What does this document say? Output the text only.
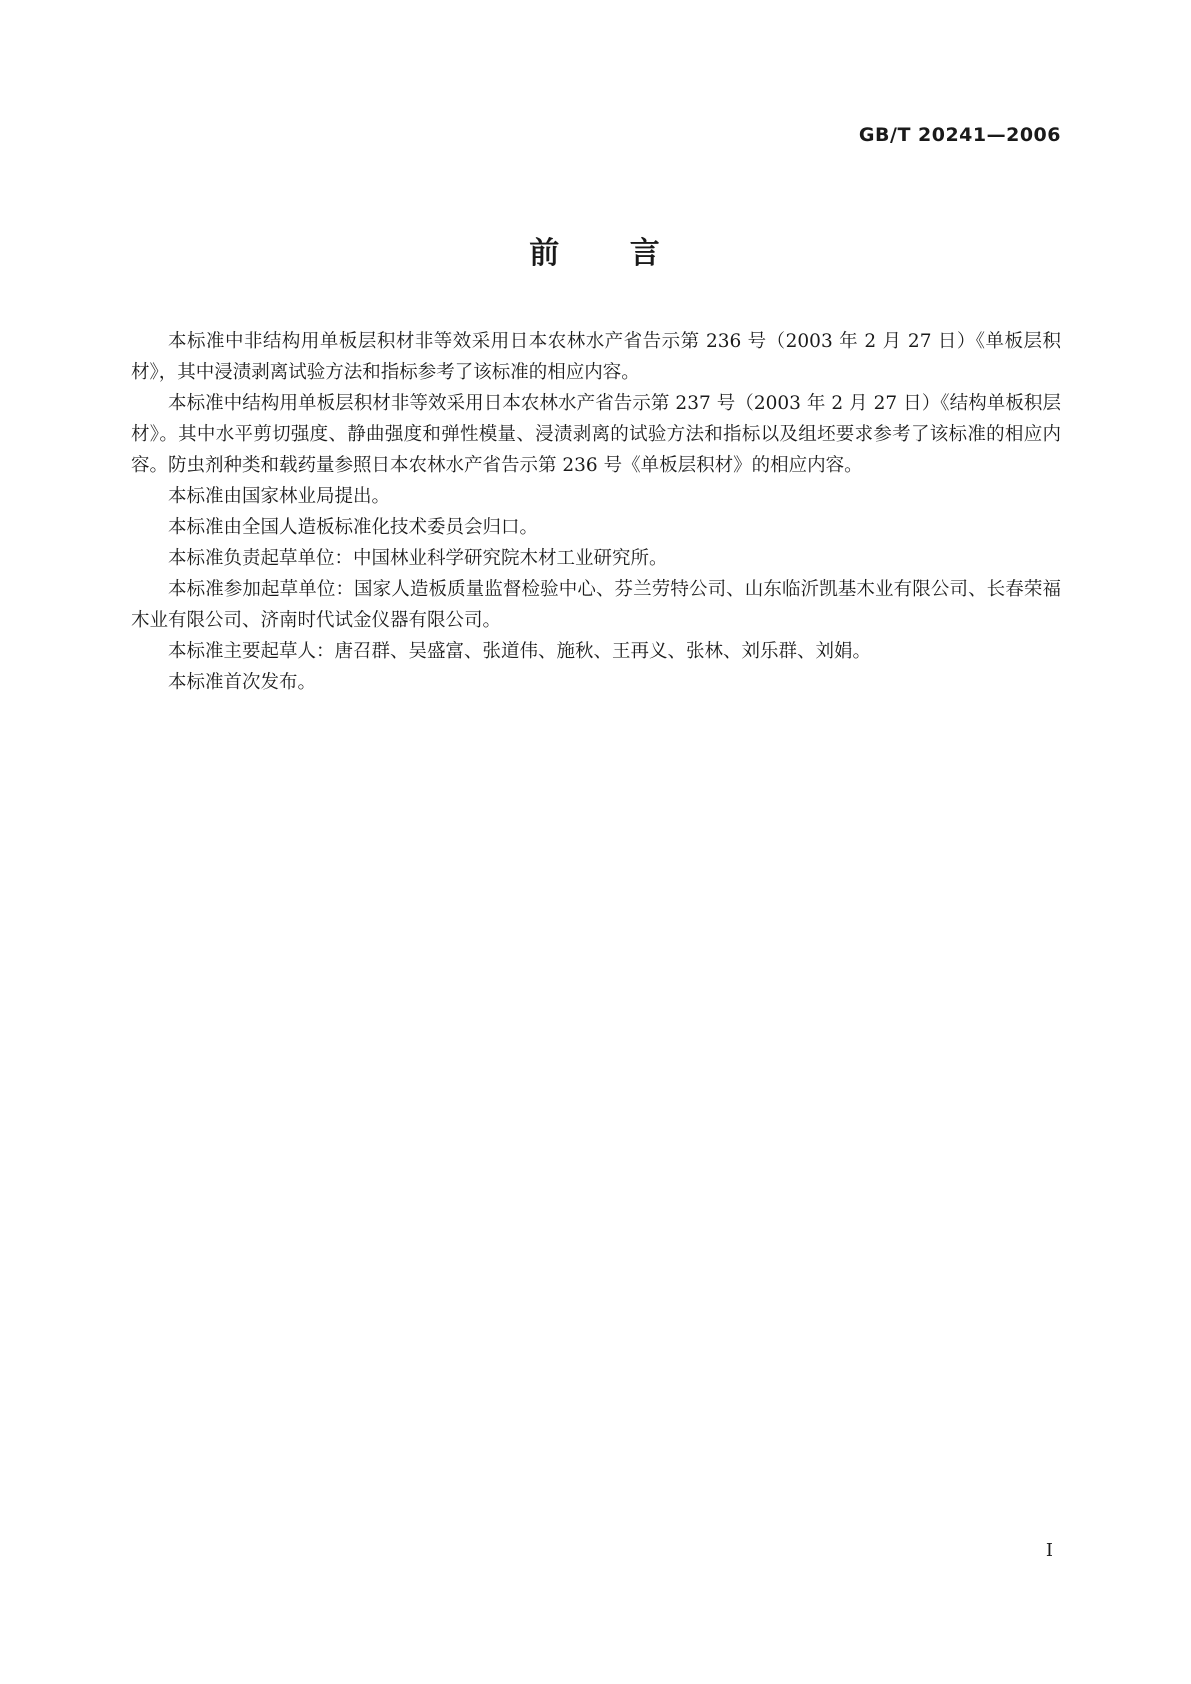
GB/T 20241—2006
前 言

本标准中非结构用单板层积材非等效采用日本农林水产省告示第 236 号（2003 年 2 月 27 日）《单板层积材》，其中浸渍剥离试验方法和指标参考了该标准的相应内容。

本标准中结构用单板层积材非等效采用日本农林水产省告示第 237 号（2003 年 2 月 27 日）《结构单板积层材》。其中水平剪切强度、静曲强度和弹性模量、浸渍剥离的试验方法和指标以及组坯要求参考了该标准的相应内容。防虫剂种类和载药量参照日本农林水产省告示第 236 号《单板层积材》的相应内容。

本标准由国家林业局提出。

本标准由全国人造板标准化技术委员会归口。

本标准负责起草单位：中国林业科学研究院木材工业研究所。

本标准参加起草单位：国家人造板质量监督检验中心、芬兰劳特公司、山东临沂凯基木业有限公司、长春荣福木业有限公司、济南时代试金仪器有限公司。

本标准主要起草人：唐召群、吴盛富、张道伟、施秋、王再义、张林、刘乐群、刘娟。

本标准首次发布。

I
